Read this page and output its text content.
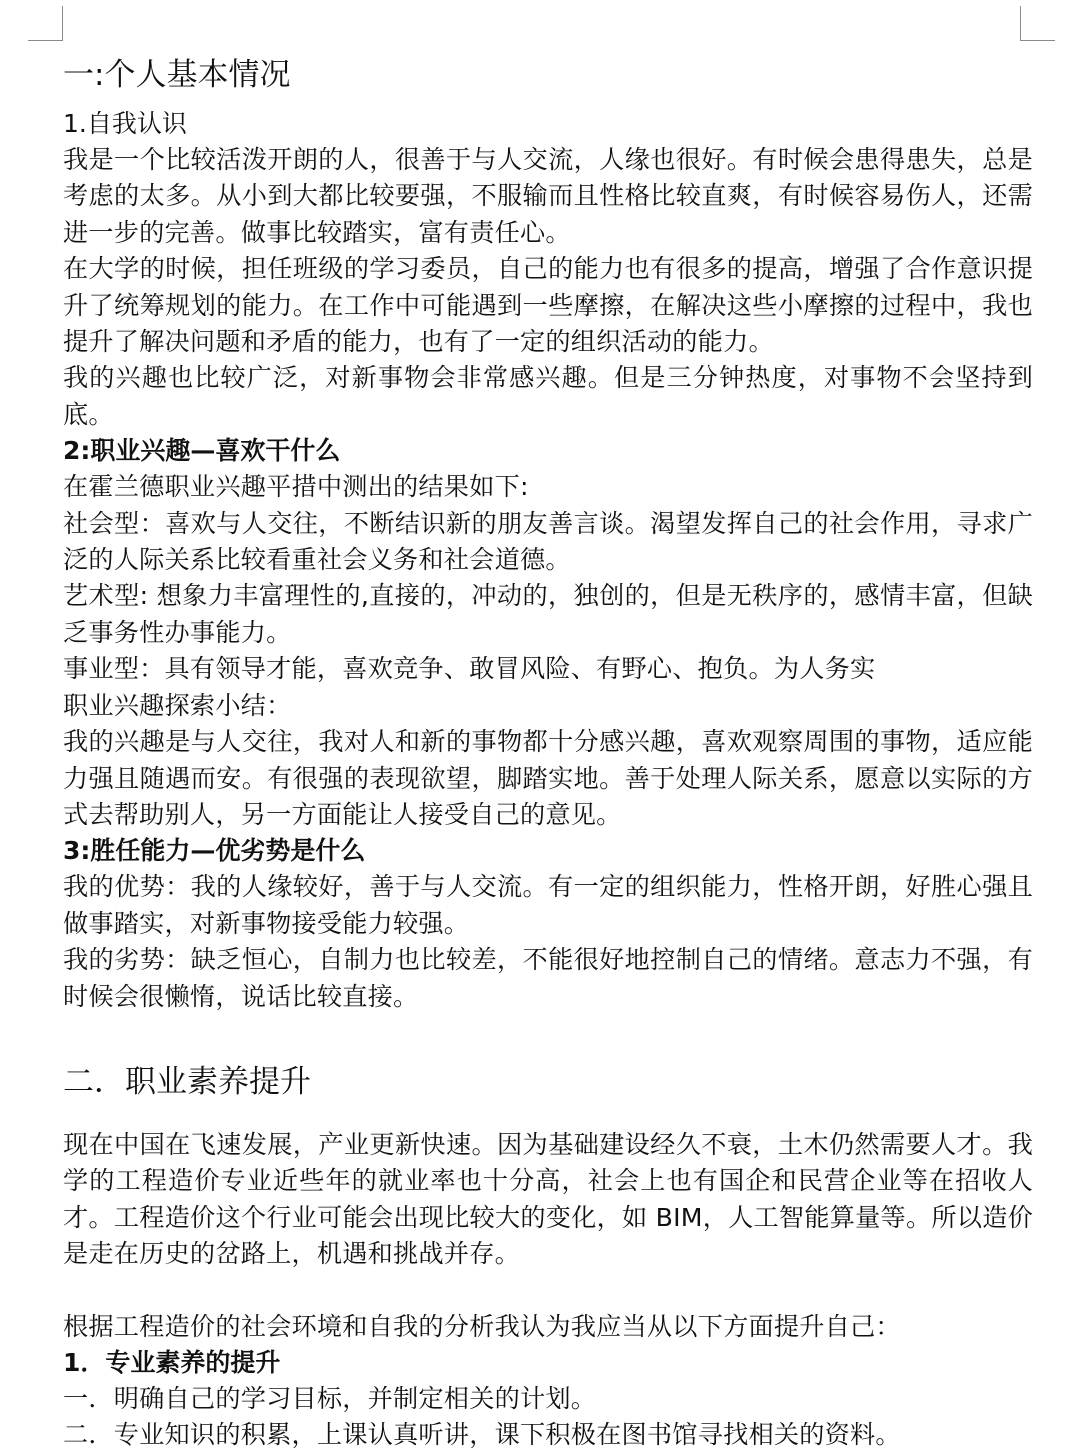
一:个人基本情况
1.自我认识

我是一个比较活泼开朗的人，很善于与人交流，人缘也很好。有时候会患得患失，总是考虑的太多。从小到大都比较要强，不服输而且性格比较直爽，有时候容易伤人，还需进一步的完善。做事比较踏实，富有责任心。

在大学的时候，担任班级的学习委员，自己的能力也有很多的提高，增强了合作意识提升了统筹规划的能力。在工作中可能遇到一些摩擦，在解决这些小摩擦的过程中，我也提升了解决问题和矛盾的能力，也有了一定的组织活动的能力。

我的兴趣也比较广泛，对新事物会非常感兴趣。但是三分钟热度，对事物不会坚持到底。

2:职业兴趣—喜欢干什么

在霍兰德职业兴趣平措中测出的结果如下:

社会型：喜欢与人交往，不断结识新的朋友善言谈。渴望发挥自己的社会作用，寻求广泛的人际关系比较看重社会义务和社会道德。

艺术型: 想象力丰富理性的,直接的，冲动的，独创的，但是无秩序的，感情丰富，但缺乏事务性办事能力。

事业型：具有领导才能，喜欢竞争、敢冒风险、有野心、抱负。为人务实

职业兴趣探索小结：

我的兴趣是与人交往，我对人和新的事物都十分感兴趣，喜欢观察周围的事物，适应能力强且随遇而安。有很强的表现欲望，脚踏实地。善于处理人际关系，愿意以实际的方式去帮助别人，另一方面能让人接受自己的意见。

3:胜任能力—优劣势是什么

我的优势：我的人缘较好，善于与人交流。有一定的组织能力，性格开朗，好胜心强且做事踏实，对新事物接受能力较强。

我的劣势：缺乏恒心，自制力也比较差，不能很好地控制自己的情绪。意志力不强，有时候会很懒惰，说话比较直接。

二．职业素养提升

现在中国在飞速发展，产业更新快速。因为基础建设经久不衰，土木仍然需要人才。我学的工程造价专业近些年的就业率也十分高，社会上也有国企和民营企业等在招收人才。工程造价这个行业可能会出现比较大的变化，如 BIM，人工智能算量等。所以造价是走在历史的岔路上，机遇和挑战并存。

根据工程造价的社会环境和自我的分析我认为我应当从以下方面提升自己：

1．专业素养的提升

一．明确自己的学习目标，并制定相关的计划。

二．专业知识的积累，上课认真听讲，课下积极在图书馆寻找相关的资料。
